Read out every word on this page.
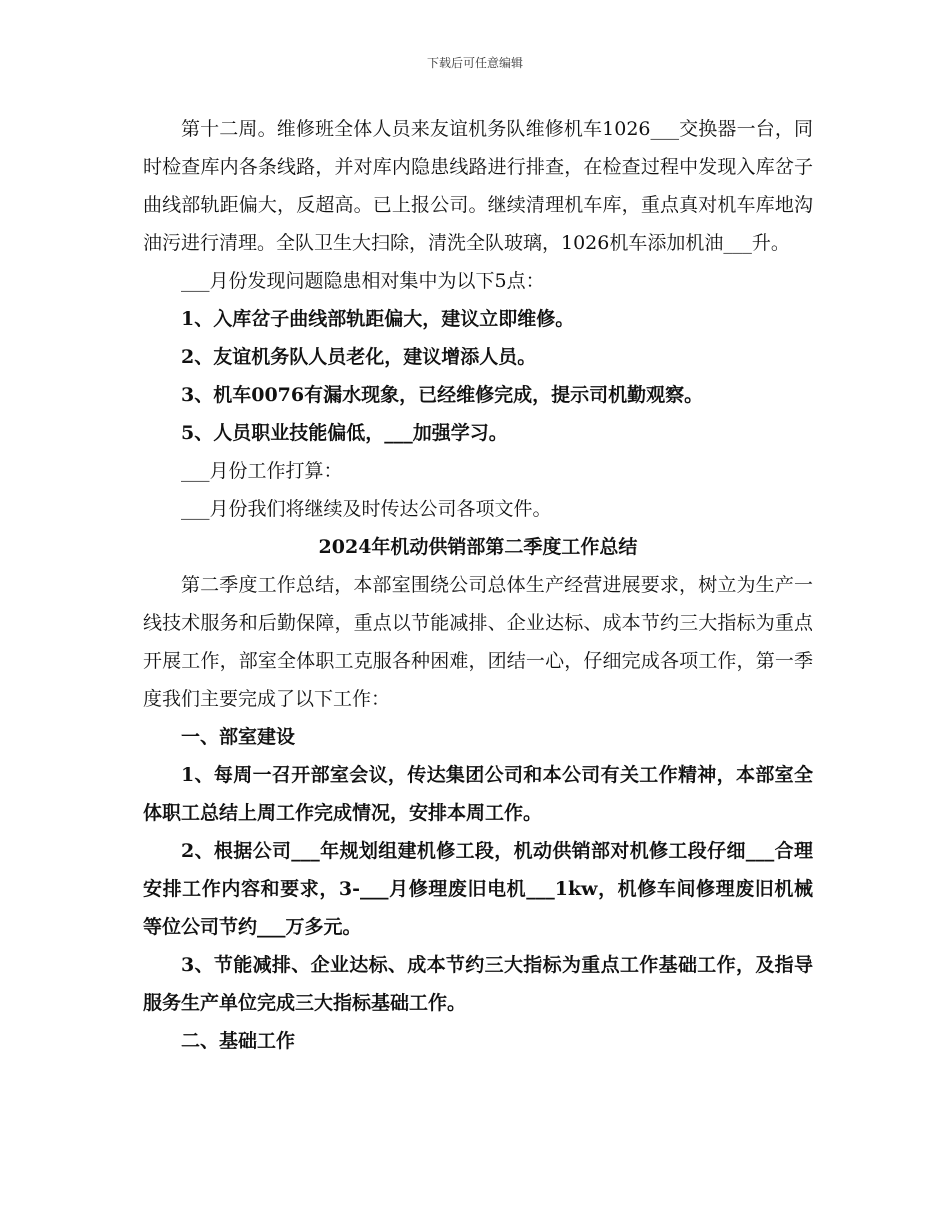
下载后可任意编辑

第十二周。维修班全体人员来友谊机务队维修机车1026___交换器一台，同时检查库内各条线路，并对库内隐患线路进行排查，在检查过程中发现入库岔子曲线部轨距偏大，反超高。已上报公司。继续清理机车库，重点真对机车库地沟油污进行清理。全队卫生大扫除，清洗全队玻璃，1026机车添加机油___升。

___月份发现问题隐患相对集中为以下5点：

1、入库岔子曲线部轨距偏大，建议立即维修。

2、友谊机务队人员老化，建议增添人员。

3、机车0076有漏水现象，已经维修完成，提示司机勤观察。

5、人员职业技能偏低，___加强学习。

___月份工作打算：

___月份我们将继续及时传达公司各项文件。

2024年机动供销部第二季度工作总结

第二季度工作总结，本部室围绕公司总体生产经营进展要求，树立为生产一线技术服务和后勤保障，重点以节能减排、企业达标、成本节约三大指标为重点开展工作，部室全体职工克服各种困难，团结一心，仔细完成各项工作，第一季度我们主要完成了以下工作：

一、部室建设

1、每周一召开部室会议，传达集团公司和本公司有关工作精神，本部室全体职工总结上周工作完成情况，安排本周工作。

2、根据公司___年规划组建机修工段，机动供销部对机修工段仔细___合理安排工作内容和要求，3-___月修理废旧电机___1kw，机修车间修理废旧机械等位公司节约___万多元。

3、节能减排、企业达标、成本节约三大指标为重点工作基础工作，及指导服务生产单位完成三大指标基础工作。

二、基础工作
